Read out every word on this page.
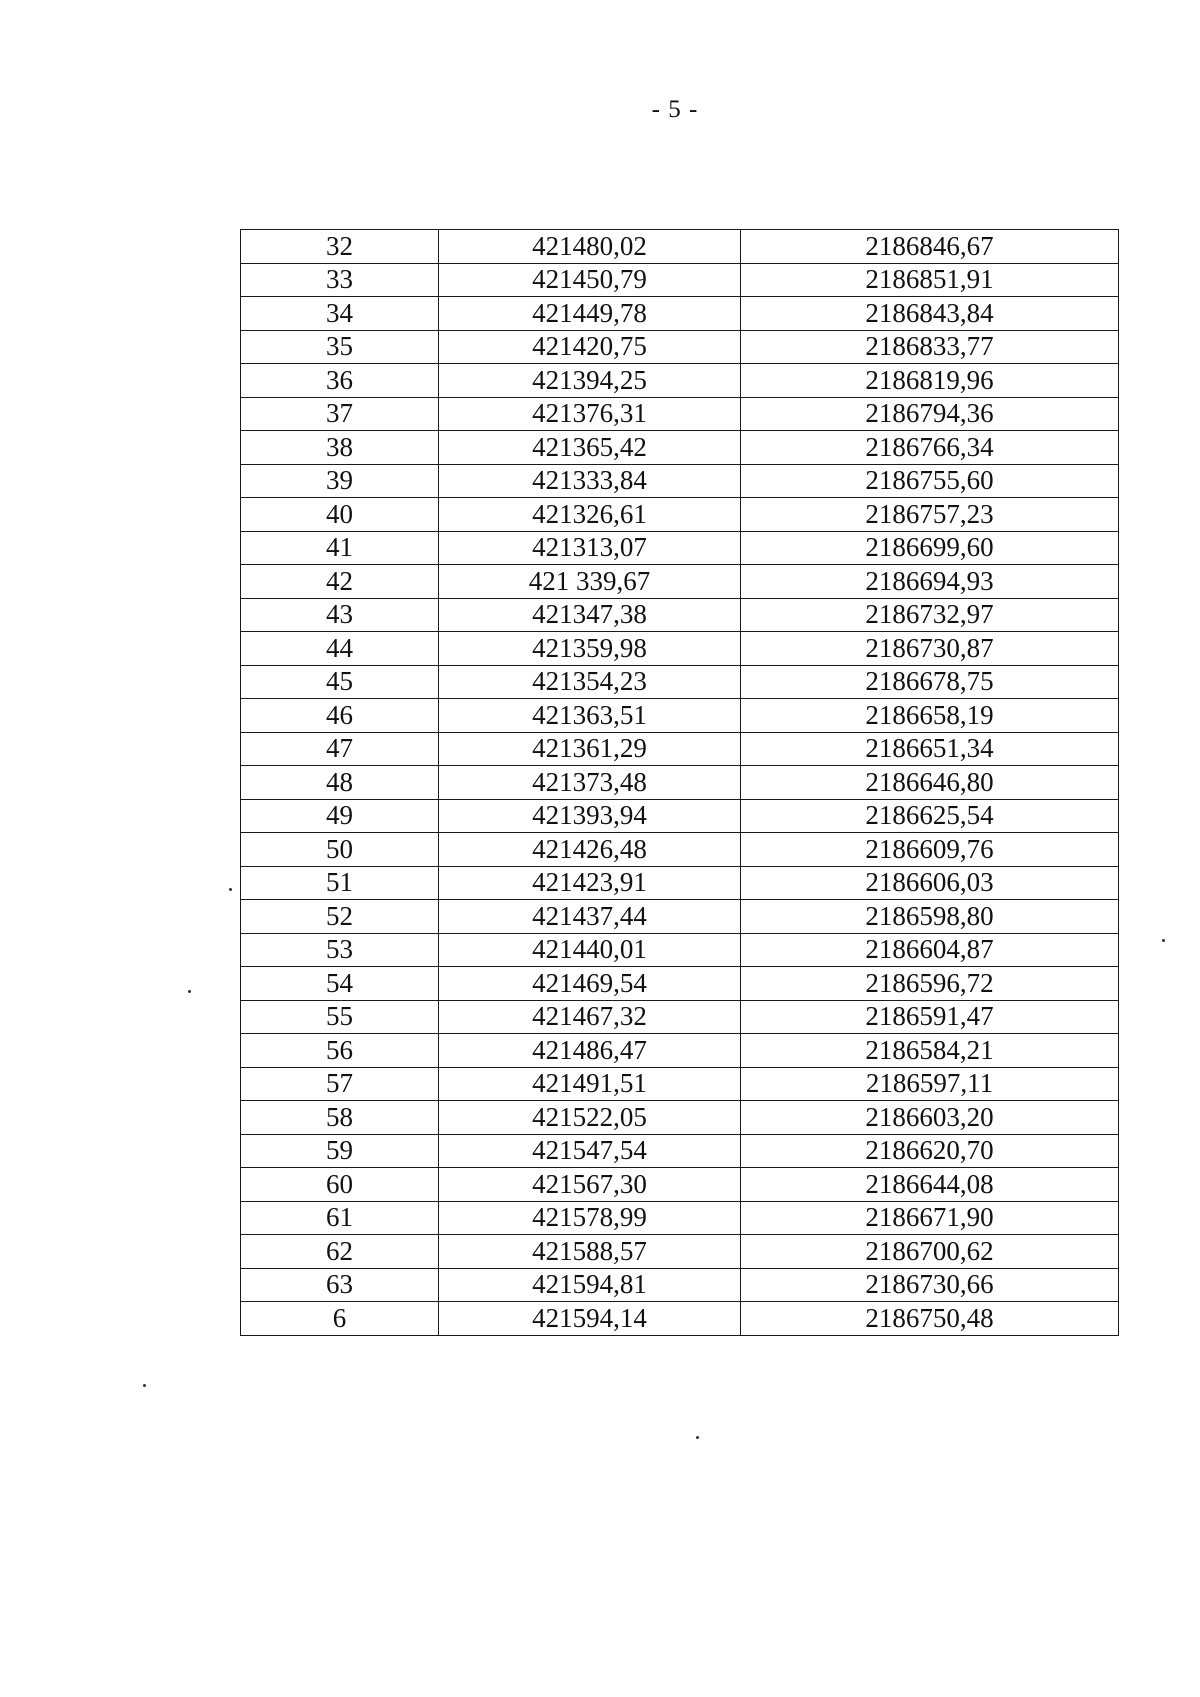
- 5 -
32	421480,02	2186846,67
33	421450,79	2186851,91
34	421449,78	2186843,84
35	421420,75	2186833,77
36	421394,25	2186819,96
37	421376,31	2186794,36
38	421365,42	2186766,34
39	421333,84	2186755,60
40	421326,61	2186757,23
41	421313,07	2186699,60
42	421 339,67	2186694,93
43	421347,38	2186732,97
44	421359,98	2186730,87
45	421354,23	2186678,75
46	421363,51	2186658,19
47	421361,29	2186651,34
48	421373,48	2186646,80
49	421393,94	2186625,54
50	421426,48	2186609,76
51	421423,91	2186606,03
52	421437,44	2186598,80
53	421440,01	2186604,87
54	421469,54	2186596,72
55	421467,32	2186591,47
56	421486,47	2186584,21
57	421491,51	2186597,11
58	421522,05	2186603,20
59	421547,54	2186620,70
60	421567,30	2186644,08
61	421578,99	2186671,90
62	421588,57	2186700,62
63	421594,81	2186730,66
6	421594,14	2186750,48
